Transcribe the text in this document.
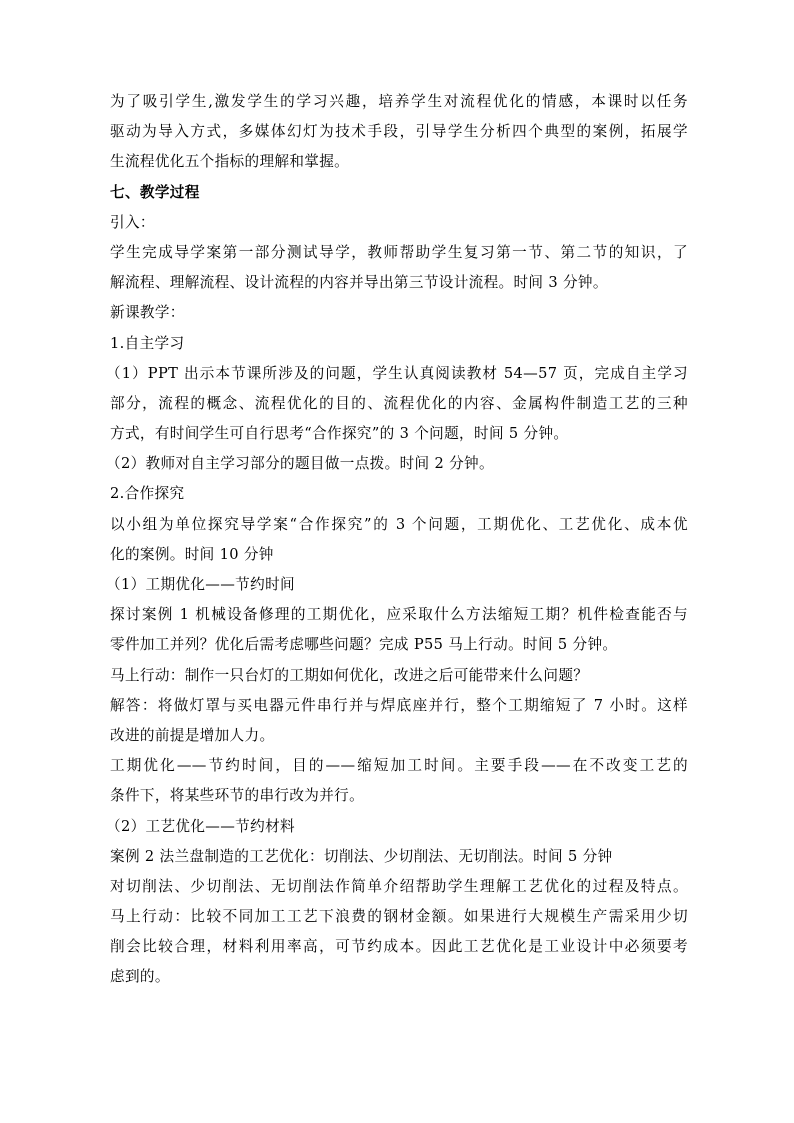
为了吸引学生,激发学生的学习兴趣，培养学生对流程优化的情感，本课时以任务
驱动为导入方式，多媒体幻灯为技术手段，引导学生分析四个典型的案例，拓展学
生流程优化五个指标的理解和掌握。
七、教学过程
引入：
学生完成导学案第一部分测试导学，教师帮助学生复习第一节、第二节的知识，了
解流程、理解流程、设计流程的内容并导出第三节设计流程。时间 3 分钟。
新课教学：
1.自主学习
（1）PPT 出示本节课所涉及的问题，学生认真阅读教材 54—57 页，完成自主学习
部分，流程的概念、流程优化的目的、流程优化的内容、金属构件制造工艺的三种
方式，有时间学生可自行思考“合作探究”的 3 个问题，时间 5 分钟。
（2）教师对自主学习部分的题目做一点拨。时间 2 分钟。
2.合作探究
以小组为单位探究导学案“合作探究”的 3 个问题，工期优化、工艺优化、成本优
化的案例。时间 10 分钟
（1）工期优化——节约时间
探讨案例 1 机械设备修理的工期优化，应采取什么方法缩短工期？机件检查能否与
零件加工并列？优化后需考虑哪些问题？完成 P55 马上行动。时间 5 分钟。
马上行动：制作一只台灯的工期如何优化，改进之后可能带来什么问题？
解答：将做灯罩与买电器元件串行并与焊底座并行，整个工期缩短了 7 小时。这样
改进的前提是增加人力。
工期优化——节约时间，目的——缩短加工时间。主要手段——在不改变工艺的
条件下，将某些环节的串行改为并行。
（2）工艺优化——节约材料
案例 2 法兰盘制造的工艺优化：切削法、少切削法、无切削法。时间 5 分钟
对切削法、少切削法、无切削法作简单介绍帮助学生理解工艺优化的过程及特点。
马上行动：比较不同加工工艺下浪费的钢材金额。如果进行大规模生产需采用少切
削会比较合理，材料利用率高，可节约成本。因此工艺优化是工业设计中必须要考
虑到的。
